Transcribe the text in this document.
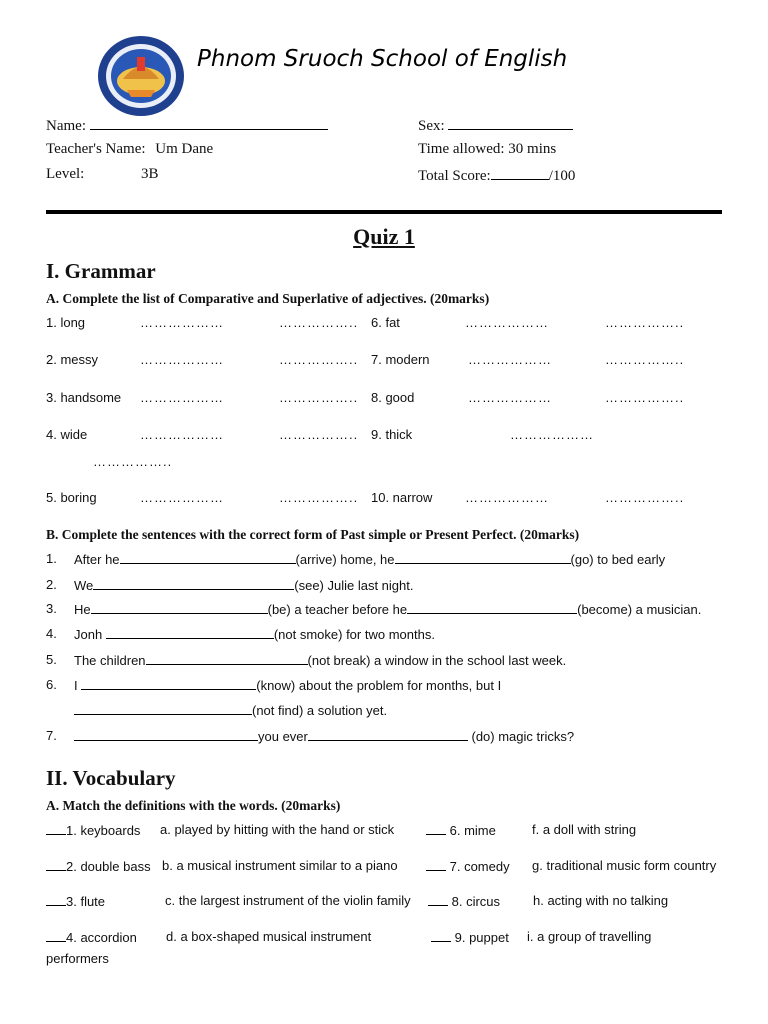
Phnom Sruoch School of English
Name:
Teacher's Name: Um Dane
Level:	3B
Sex:
Time allowed: 30 mins
Total Score:	/100
Quiz 1
I. Grammar
A. Complete the list of Comparative and Superlative of adjectives. (20marks)
1. long	………………	…………….. 6. fat	………………	……………..
2. messy	………………	…………….. 7. modern	………………	……………..
3. handsome ………………	…………….. 8. good	………………	……………..
4. wide	………………	…………….. 9. thick	………………
……………..
5. boring	………………	…………….. 10. narrow	………………	……………..
B. Complete the sentences with the correct form of Past simple or Present Perfect. (20marks)
1. After he	(arrive) home, he	(go) to bed early
2. We	(see) Julie last night.
3. He	(be) a teacher before he	(become) a musician.
4. Jonh	(not smoke) for two months.
5. The children	(not break) a window in the school last week.
6. I	(know) about the problem for months, but I
(not find) a solution yet.
7.	you ever	(do) magic tricks?
II. Vocabulary
A. Match the definitions with the words. (20marks)
1. keyboards a. played by hitting with the hand or stick	6. mime	f. a doll with string
2. double bass b. a musical instrument similar to a piano	7. comedy g. traditional music form country
3. flute	c. the largest instrument of the violin family	8. circus	h. acting with no talking
4. accordion d. a box-shaped musical instrument	9. puppet i. a group of travelling
performers
